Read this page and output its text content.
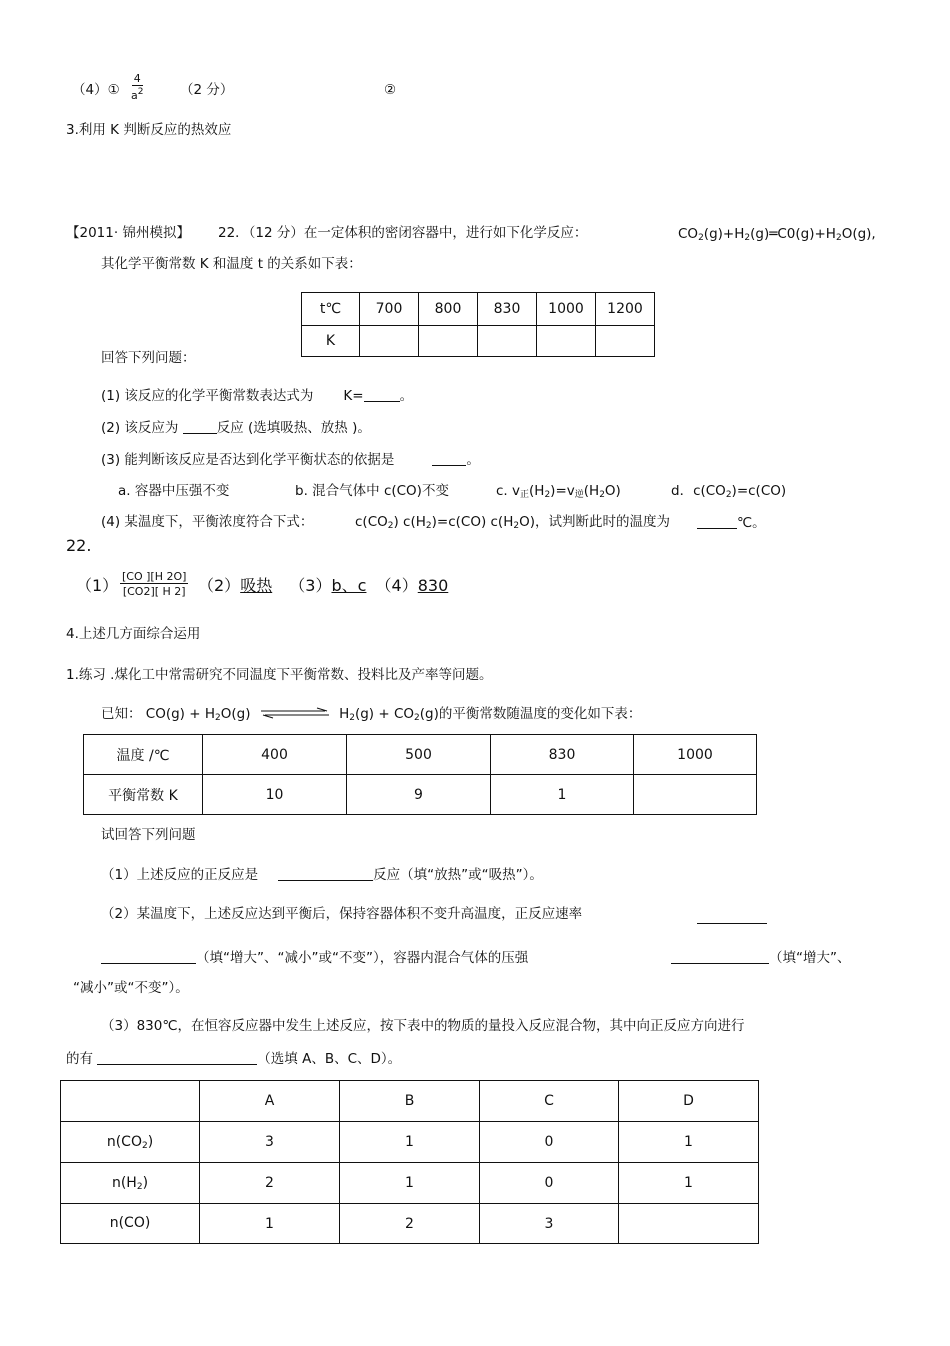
（4）① $\frac{4}{a^2}$	（2 分）	②
3.利用 K 判断反应的热效应
【2011· 锦州模拟】 22．（12 分）在一定体积的密闭容器中，进行如下化学反应：	$CO_2(g)+H_2(g)═C0(g)+H_2O(g)$,
其化学平衡常数 K 和温度 t 的关系如下表：
t℃	700	800	830	1000	1200
K					
回答下列问题：
(1) 该反应的化学平衡常数表达式为 K=	。
(2) 该反应为	反应 (选填吸热、放热 )。
(3) 能判断该反应是否达到化学平衡状态的依据是	。
a. 容器中压强不变	b. 混合气体中 c(CO)不变	c. $v_正(H_2)=v_逆(H_2O)$	d．$c(CO_2)=c(CO)$
(4) 某温度下，平衡浓度符合下式：	$c(CO_2)$ $c(H_2)=c(CO)$ $c(H_2O)$，试判断此时的温度为	℃。
22.
$(1) \frac{[CO ][H 2O]}{[CO2][ H 2]} (2)$吸热 （3）b、c （4）830
4.上述几方面综合运用
1.练习 .煤化工中常需研究不同温度下平衡常数、投料比及产率等问题。
已知： $CO(g) + H_2O(g)$	$H_2(g) + CO_2(g)$的平衡常数随温度的变化如下表：
温度 /℃	400	500	830	1000
平衡常数 K	10	9	1	
试回答下列问题
（1）上述反应的正反应是	反应（填“放热”或“吸热”）。
（2）某温度下，上述反应达到平衡后，保持容器体积不变升高温度，正反应速率
（填“增大”、“减小”或“不变”），容器内混合气体的压强	（填“增大”、
“减小”或“不变”）。
（3）830℃，在恒容反应器中发生上述反应，按下表中的物质的量投入反应混合物，其中向正反应方向进行
的有	（选填 A、B、C、D）。
	A	B	C	D
$n(CO_2)$	3	1	0	1
$n(H_2)$	2	1	0	1
n(CO)	1	2	3	
